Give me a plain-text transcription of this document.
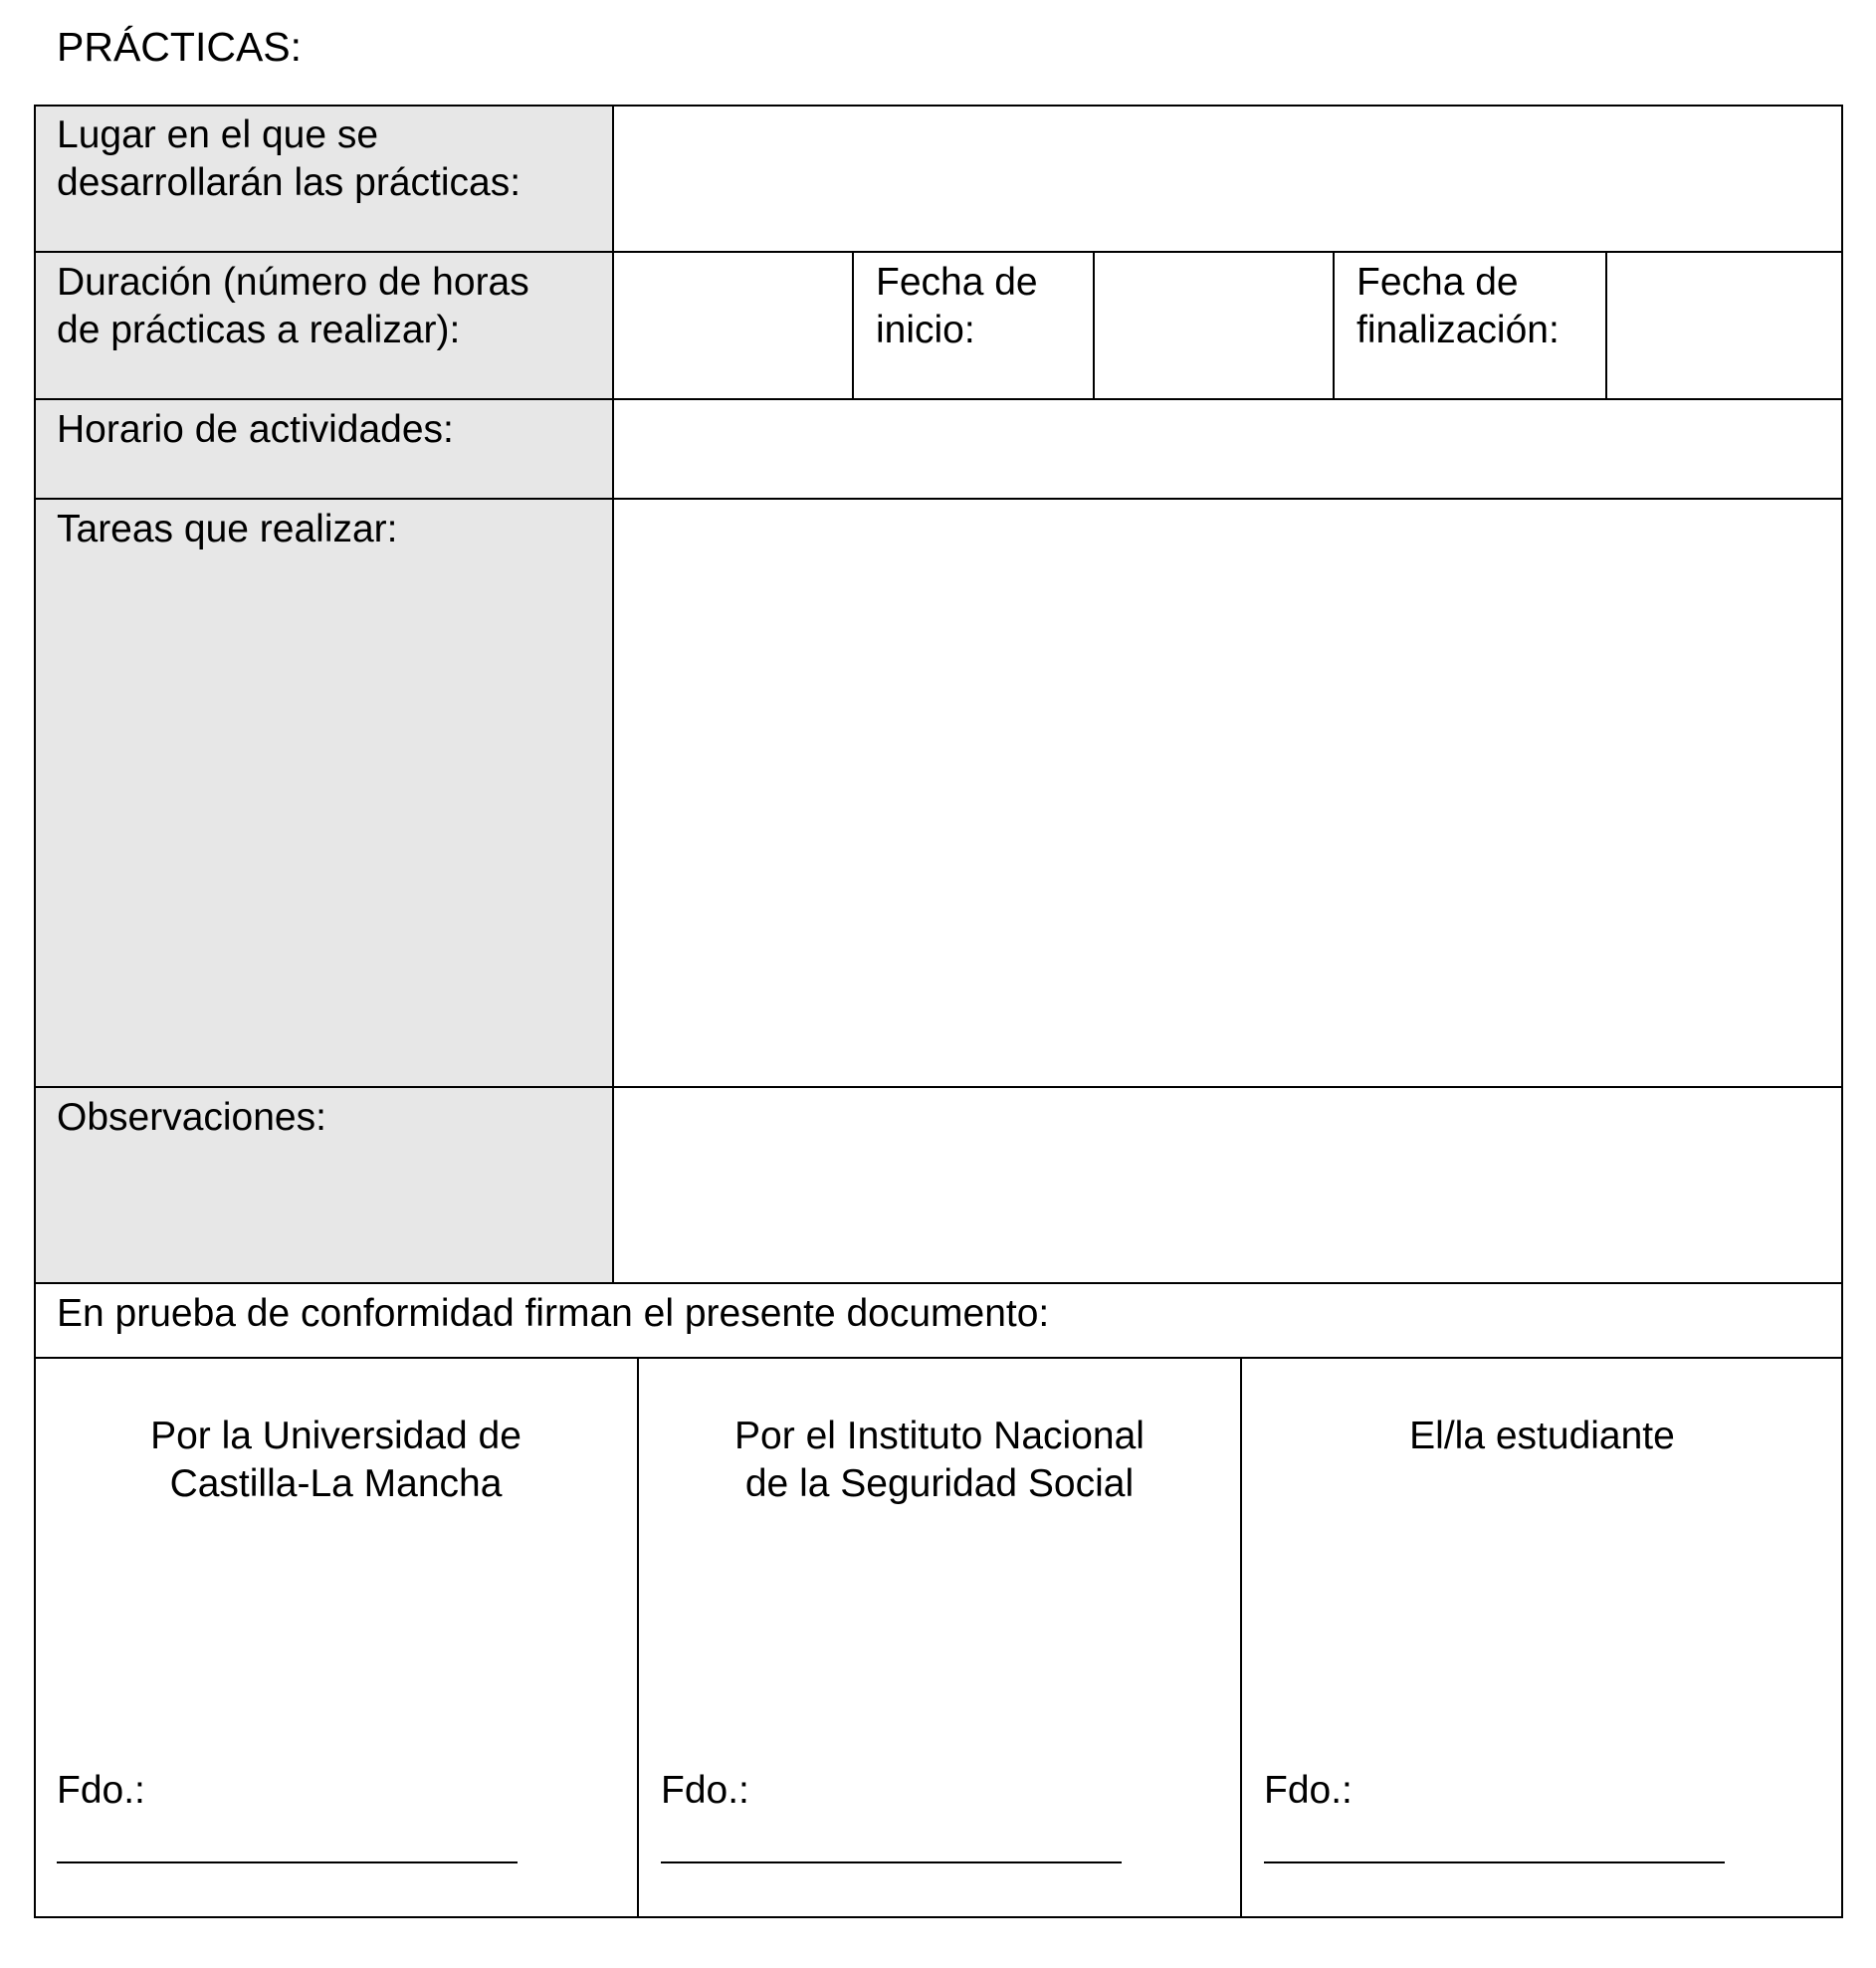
PRÁCTICAS:
Lugar en el que se
desarrollarán las prácticas:
Duración (número de horas
de prácticas a realizar):
Fecha de
inicio:
Fecha de
finalización:
Horario de actividades:
Tareas que realizar:
Observaciones:
En prueba de conformidad firman el presente documento:

Por la Universidad de
Castilla-La Mancha

Por el Instituto Nacional
de la Seguridad Social

El/la estudiante

Fdo.:	Fdo.:	Fdo.:
